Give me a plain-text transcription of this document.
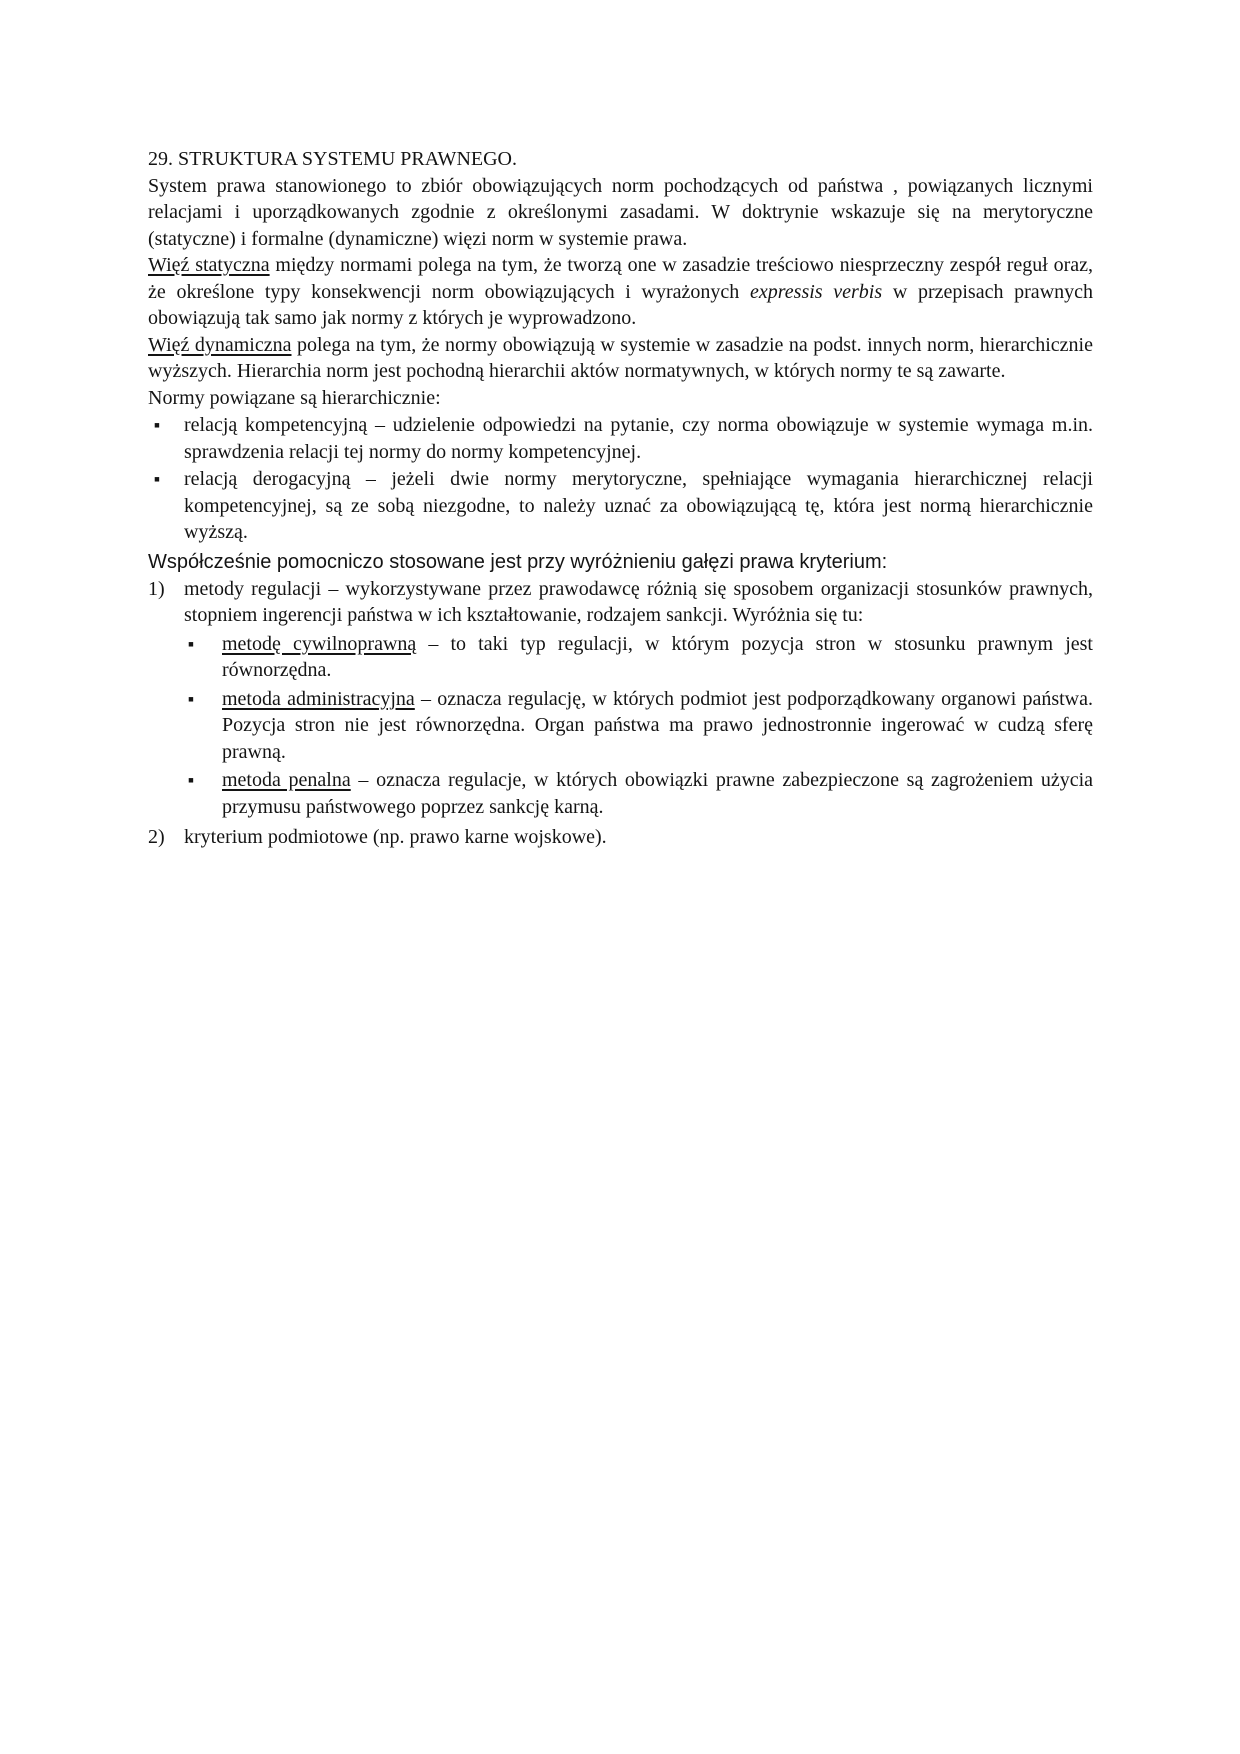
29. STRUKTURA SYSTEMU PRAWNEGO.

System prawa stanowionego to zbiór obowiązujących norm pochodzących od państwa , powiązanych licznymi relacjami i uporządkowanych zgodnie z określonymi zasadami. W doktrynie wskazuje się na merytoryczne (statyczne) i formalne (dynamiczne) więzi norm w systemie prawa.

Więź statyczna między normami polega na tym, że tworzą one w zasadzie treściowo niesprzeczny zespół reguł oraz, że określone typy konsekwencji norm obowiązujących i wyrażonych expressis verbis w przepisach prawnych obowiązują tak samo jak normy z których je wyprowadzono.

Więź dynamiczna polega na tym, że normy obowiązują w systemie w zasadzie na podst. innych norm, hierarchicznie wyższych. Hierarchia norm jest pochodną hierarchii aktów normatywnych, w których normy te są zawarte.

Normy powiązane są hierarchicznie:

▪ relacją kompetencyjną – udzielenie odpowiedzi na pytanie, czy norma obowiązuje w systemie wymaga m.in. sprawdzenia relacji tej normy do normy kompetencyjnej.
▪ relacją derogacyjną – jeżeli dwie normy merytoryczne, spełniające wymagania hierarchicznej relacji kompetencyjnej, są ze sobą niezgodne, to należy uznać za obowiązującą tę, która jest normą hierarchicznie wyższą.

Współcześnie pomocniczo stosowane jest przy wyróżnieniu gałęzi prawa kryterium:

1) metody regulacji – wykorzystywane przez prawodawcę różnią się sposobem organizacji stosunków prawnych, stopniem ingerencji państwa w ich kształtowanie, rodzajem sankcji. Wyróżnia się tu:
▪ metodę cywilnoprawną – to taki typ regulacji, w którym pozycja stron w stosunku prawnym jest równorzędna.
▪ metoda administracyjna – oznacza regulację, w których podmiot jest podporządkowany organowi państwa. Pozycja stron nie jest równorzędna. Organ państwa ma prawo jednostronnie ingerować w cudzą sferę prawną.
▪ metoda penalna – oznacza regulacje, w których obowiązki prawne zabezpieczone są zagrożeniem użycia przymusu państwowego poprzez sankcję karną.
2) kryterium podmiotowe (np. prawo karne wojskowe).
